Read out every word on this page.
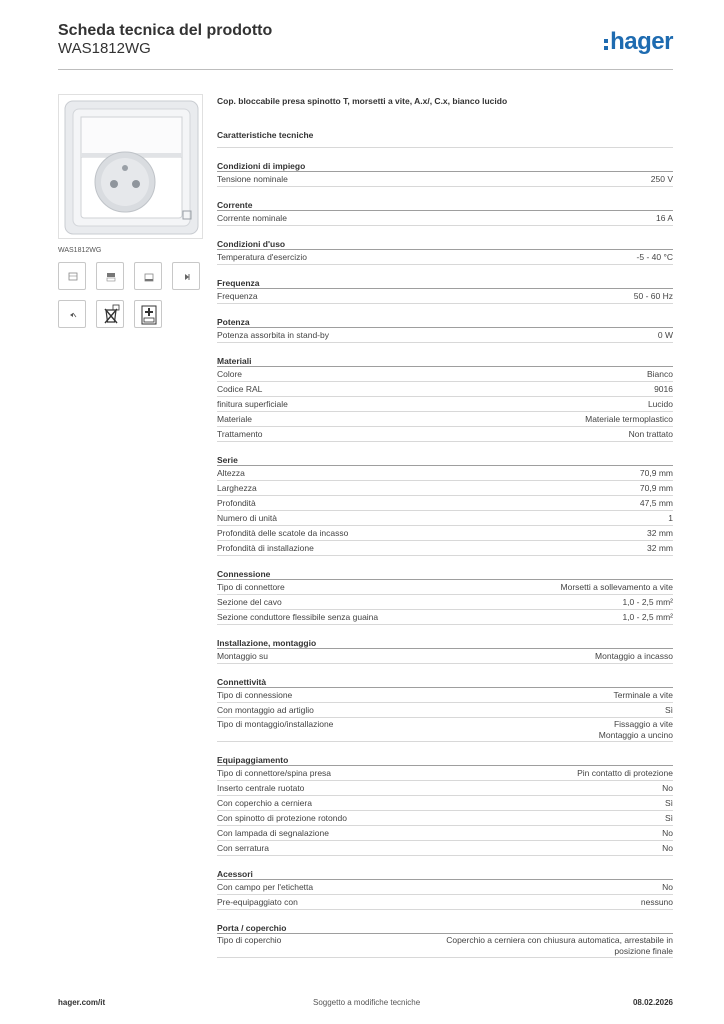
Scheda tecnica del prodotto
WAS1812WG	hager
WAS1812WG
Cop. bloccabile presa spinotto T, morsetti a vite, A.x/, C.x, bianco lucido
Caratteristiche tecniche
Condizioni di impiego
Tensione nominale	250 V
Corrente
Corrente nominale	16 A
Condizioni d'uso
Temperatura d'esercizio	-5 - 40 °C
Frequenza
Frequenza	50 - 60 Hz
Potenza
Potenza assorbita in stand-by	0 W
Materiali
Colore	Bianco
Codice RAL	9016
finitura superficiale	Lucido
Materiale	Materiale termoplastico
Trattamento	Non trattato
Serie
Altezza	70,9 mm
Larghezza	70,9 mm
Profondità	47,5 mm
Numero di unità	1
Profondità delle scatole da incasso	32 mm
Profondità di installazione	32 mm
Connessione
Tipo di connettore	Morsetti a sollevamento a vite
Sezione del cavo	1,0 - 2,5 mm²
Sezione conduttore flessibile senza guaina	1,0 - 2,5 mm²
Installazione, montaggio
Montaggio su	Montaggio a incasso
Connettività
Tipo di connessione	Terminale a vite
Con montaggio ad artiglio	Sì
Tipo di montaggio/installazione	Fissaggio a vite
Montaggio a uncino
Equipaggiamento
Tipo di connettore/spina presa	Pin contatto di protezione
Inserto centrale ruotato	No
Con coperchio a cerniera	Sì
Con spinotto di protezione rotondo	Sì
Con lampada di segnalazione	No
Con serratura	No
Acessori
Con campo per l'etichetta	No
Pre-equipaggiato con	nessuno
Porta / coperchio
Tipo di coperchio	Coperchio a cerniera con chiusura automatica, arrestabile in
posizione finale
hager.com/it	Soggetto a modifiche tecniche	08.02.2026
